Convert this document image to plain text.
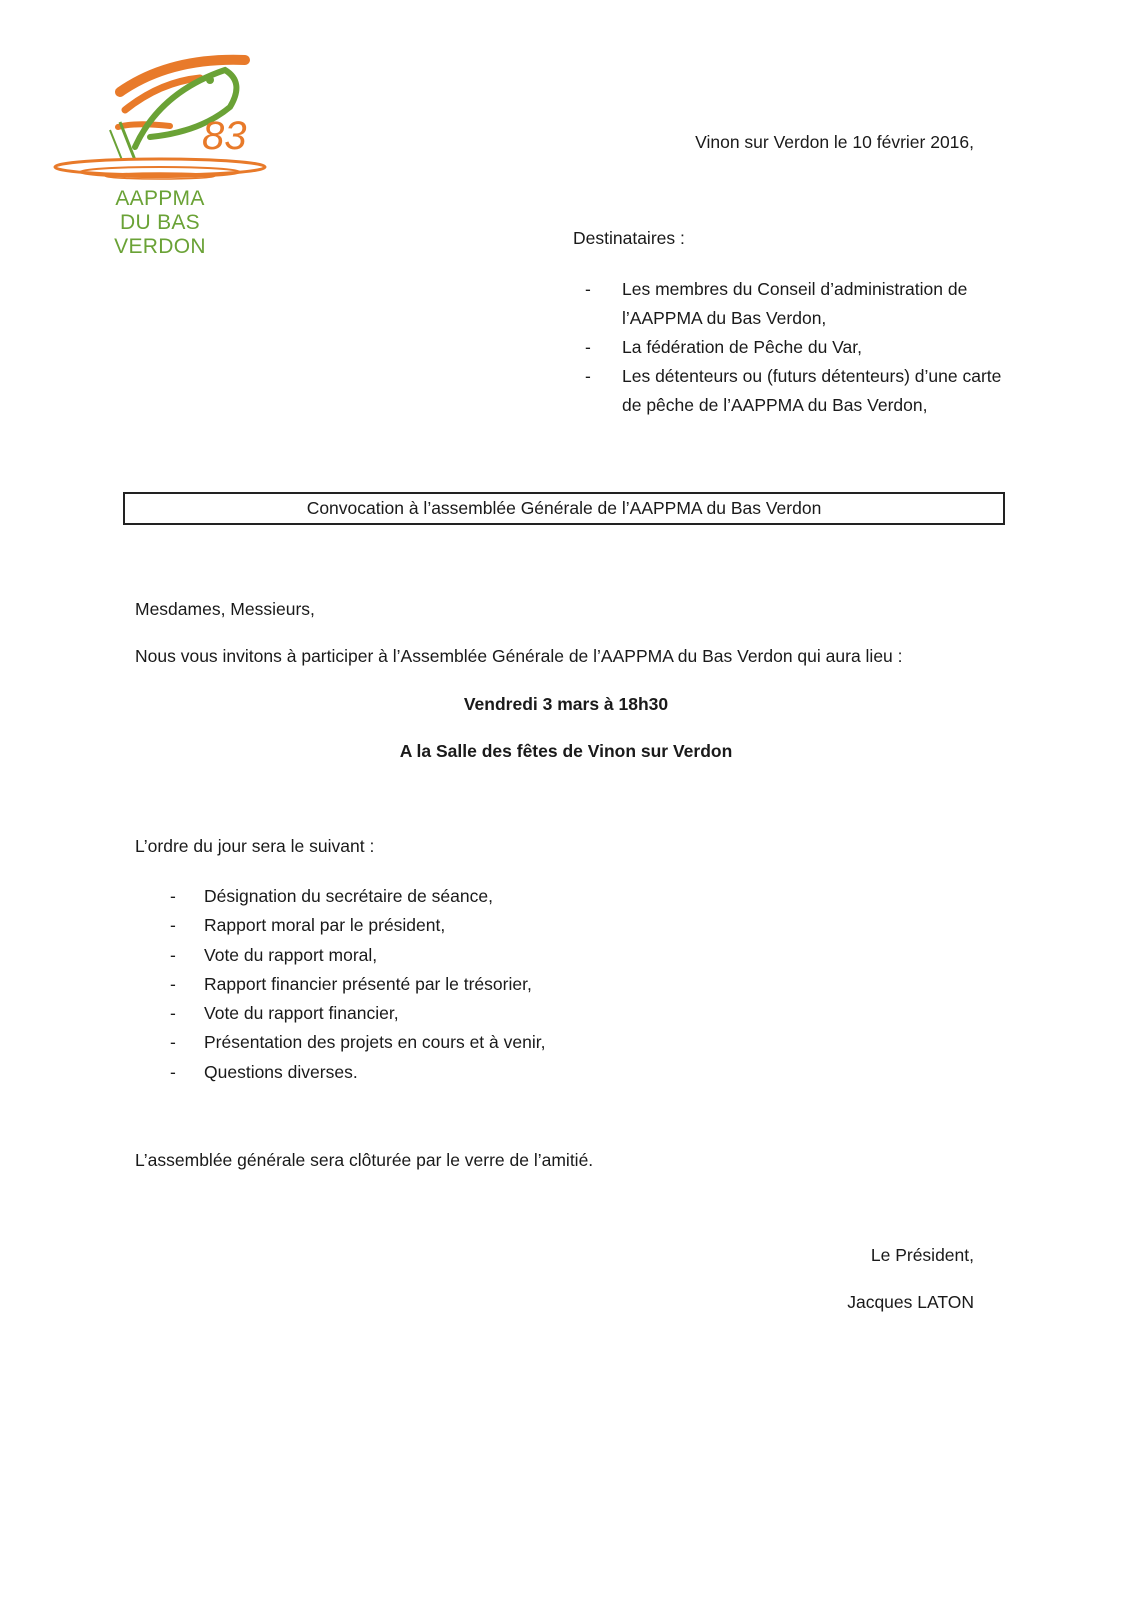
83
AAPPMA
DU BAS
VERDON
Vinon sur Verdon le 10 février 2016,
Destinataires :
- Les membres du Conseil d’administration de l’AAPPMA du Bas Verdon,
- La fédération de Pêche du Var,
- Les détenteurs ou (futurs détenteurs) d’une carte de pêche de l’AAPPMA du Bas Verdon,
Convocation à l’assemblée Générale de l’AAPPMA du Bas Verdon
Mesdames, Messieurs,
Nous vous invitons à participer à l’Assemblée Générale de l’AAPPMA du Bas Verdon qui aura lieu :
Vendredi 3 mars à 18h30
A la Salle des fêtes de Vinon sur Verdon
L’ordre du jour sera le suivant :
- Désignation du secrétaire de séance,
- Rapport moral par le président,
- Vote du rapport moral,
- Rapport financier présenté par le trésorier,
- Vote du rapport financier,
- Présentation des projets en cours et à venir,
- Questions diverses.
L’assemblée générale sera clôturée par le verre de l’amitié.
Le Président,
Jacques LATON
